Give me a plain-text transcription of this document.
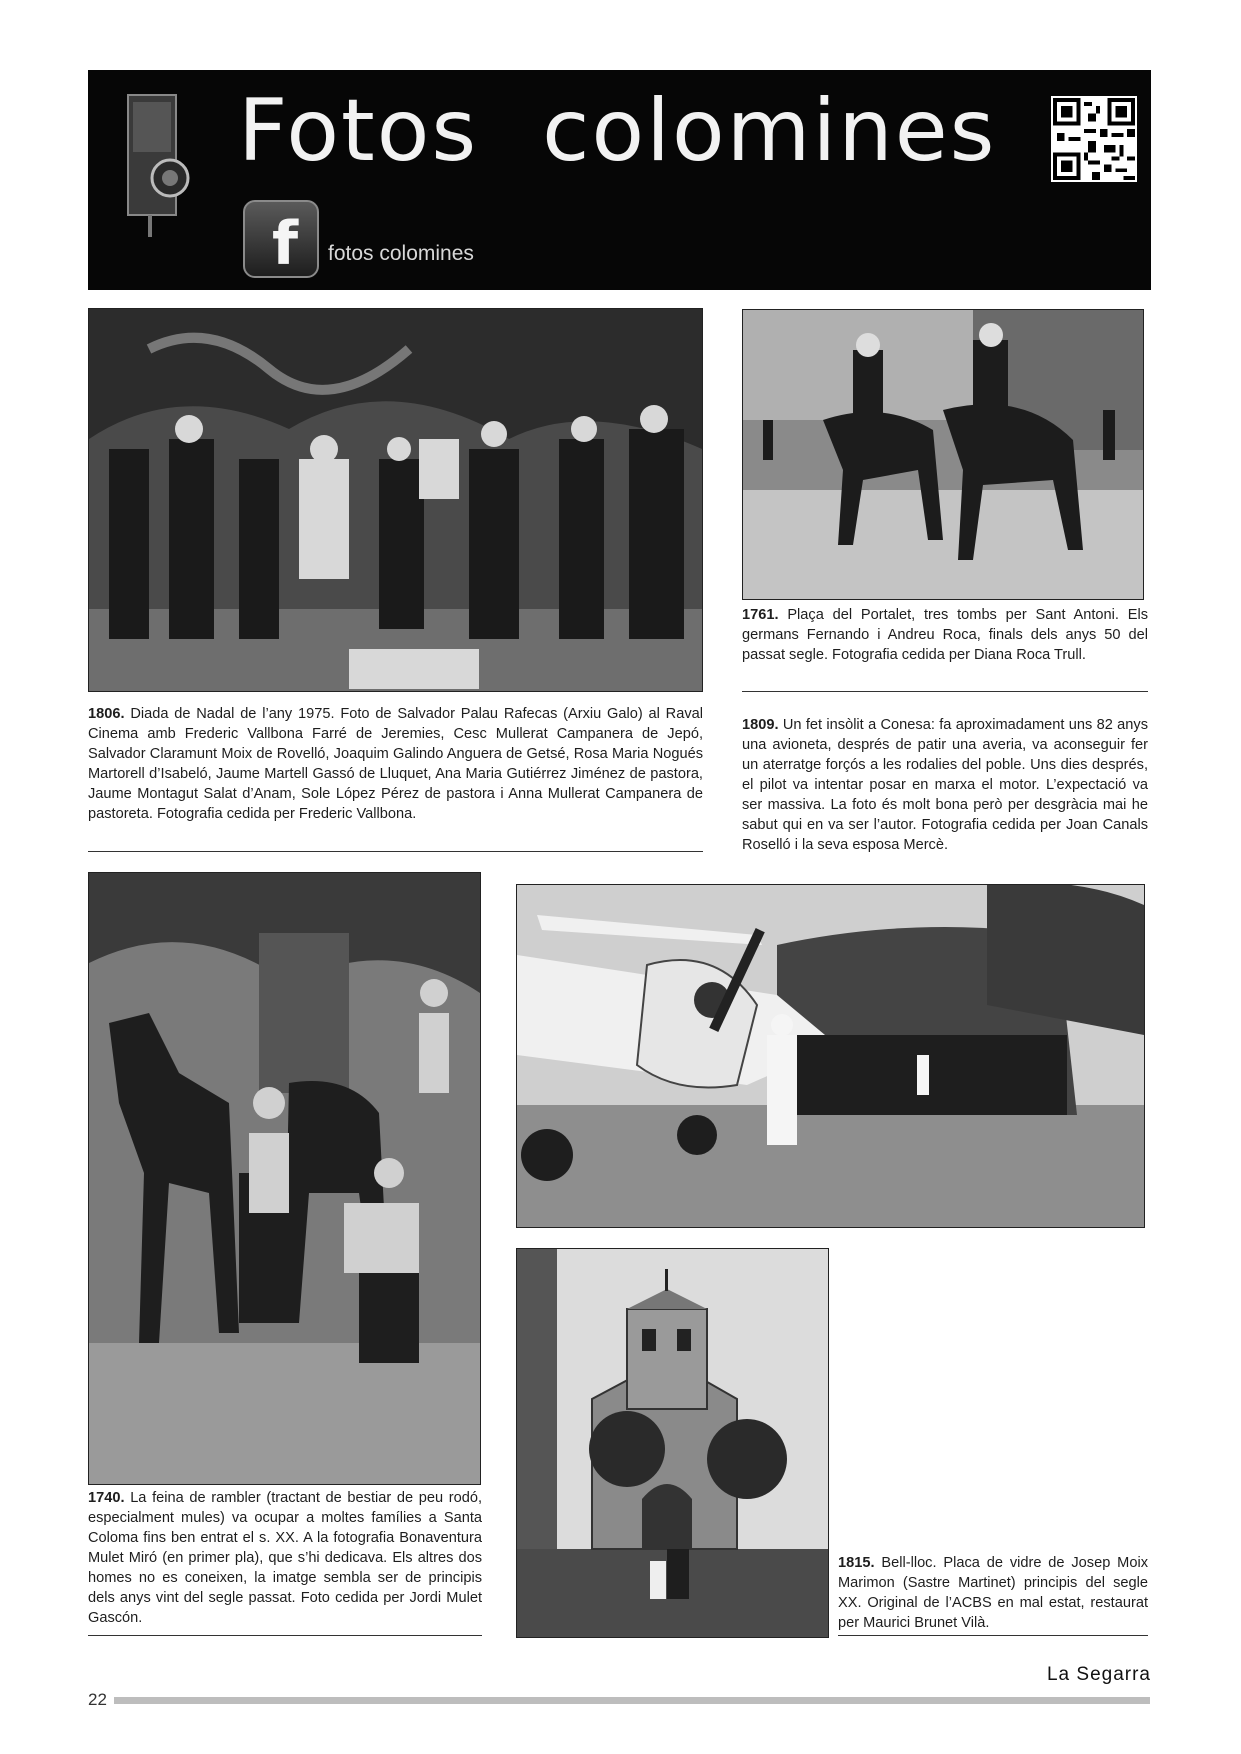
Fotos colomines
f fotos colomines
1806. Diada de Nadal de l’any 1975. Foto de Salvador Palau Rafecas (Arxiu Galo) al Raval Cinema amb Frederic Vallbona Farré de Jeremies, Cesc Mullerat Campanera de Jepó, Salvador Claramunt Moix de Rovelló, Joaquim Galindo Anguera de Getsé, Rosa Maria Nogués Martorell d’Isabeló, Jaume Martell Gassó de Lluquet, Ana Maria Gutiérrez Jiménez de pastora, Jaume Montagut Salat d’Anam, Sole López Pérez de pastora i Anna Mullerat Campanera de pastoreta. Fotografia cedida per Frederic Vallbona.
1761. Plaça del Portalet, tres tombs per Sant Antoni. Els germans Fernando i Andreu Roca, finals dels anys 50 del passat segle. Fotografia cedida per Diana Roca Trull.
1809. Un fet insòlit a Conesa: fa aproximadament uns 82 anys una avioneta, després de patir una averia, va aconseguir fer un aterratge forçós a les rodalies del poble. Uns dies després, el pilot va intentar posar en marxa el motor. L’expectació va ser massiva. La foto és molt bona però per desgràcia mai he sabut qui en va ser l’autor. Fotografia cedida per Joan Canals Roselló i la seva esposa Mercè.
1740. La feina de rambler (tractant de bestiar de peu rodó, especialment mules) va ocupar a moltes famílies a Santa Coloma fins ben entrat el s. XX. A la fotografia Bonaventura Mulet Miró (en primer pla), que s’hi dedicava. Els altres dos homes no es coneixen, la imatge sembla ser de principis dels anys vint del segle passat. Foto cedida per Jordi Mulet Gascón.
1815. Bell-lloc. Placa de vidre de Josep Moix Marimon (Sastre Martinet) principis del segle XX. Original de l’ACBS en mal estat, restaurat per Maurici Brunet Vilà.
22
La Segarra
